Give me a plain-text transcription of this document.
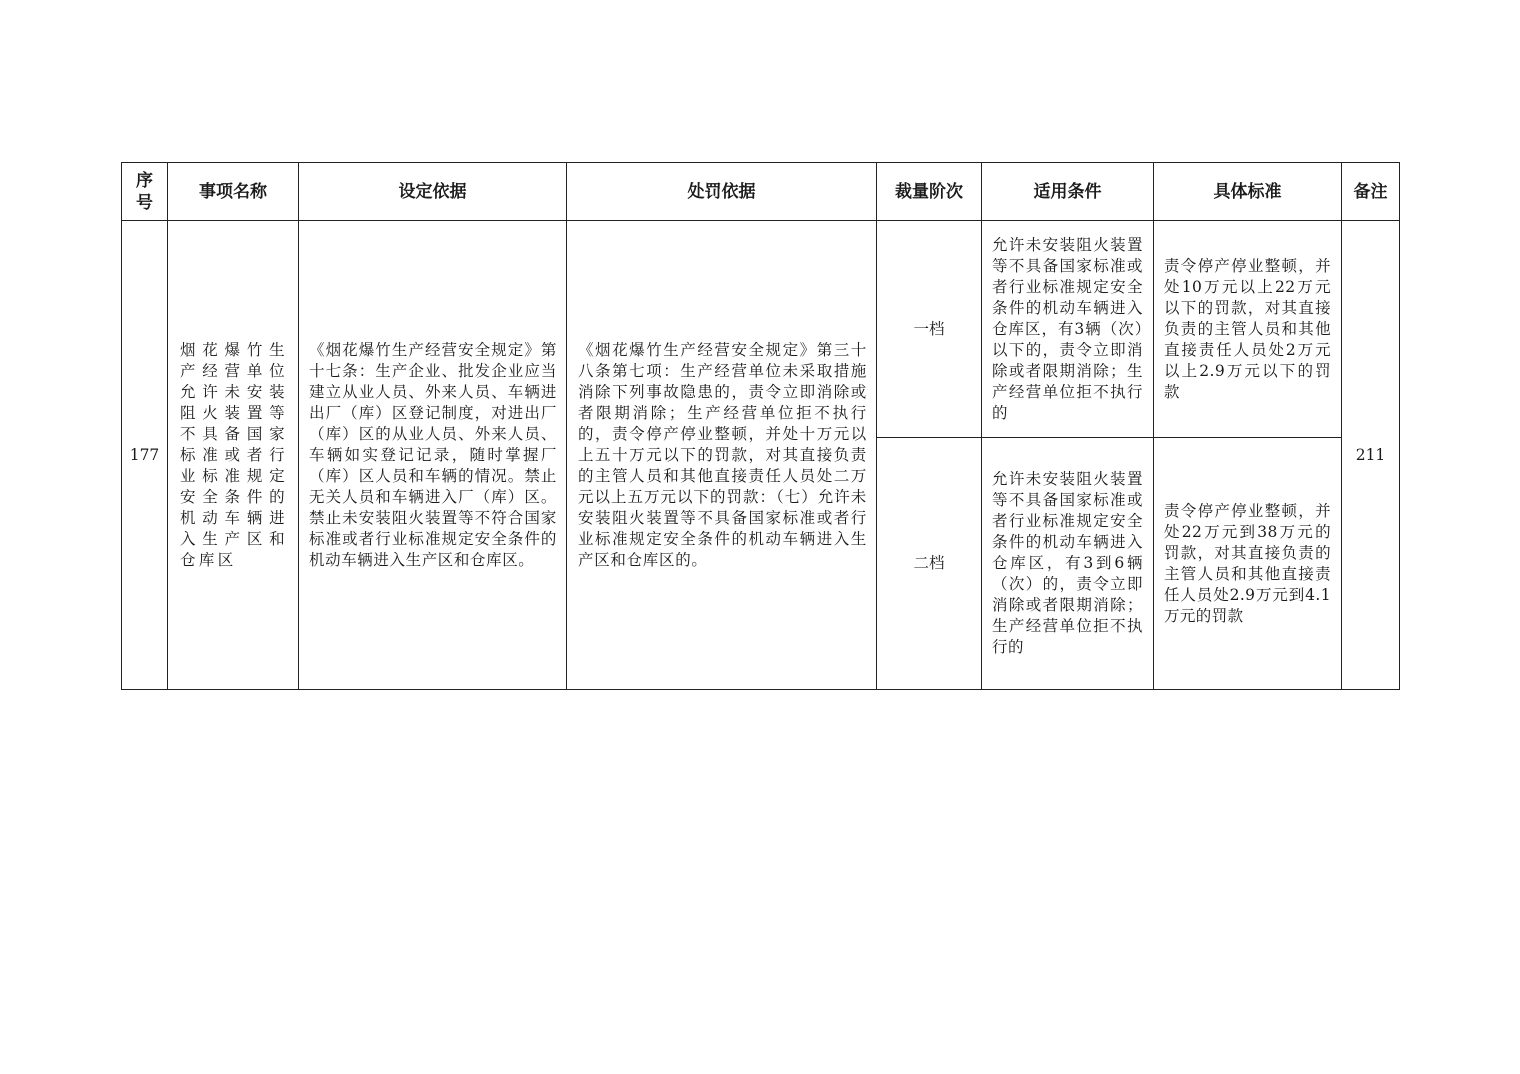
序
号	事项名称	设定依据	处罚依据	裁量阶次	适用条件	具体标准	备注
177	烟花爆竹生产经营单位允许未安装阻火装置等不具备国家标准或者行业标准规定安全条件的机动车辆进入生产区和仓库区	《烟花爆竹生产经营安全规定》第十七条：生产企业、批发企业应当建立从业人员、外来人员、车辆进出厂（库）区登记制度，对进出厂（库）区的从业人员、外来人员、车辆如实登记记录，随时掌握厂（库）区人员和车辆的情况。禁止无关人员和车辆进入厂（库）区。禁止未安装阻火装置等不符合国家标准或者行业标准规定安全条件的机动车辆进入生产区和仓库区。	《烟花爆竹生产经营安全规定》第三十八条第七项：生产经营单位未采取措施消除下列事故隐患的，责令立即消除或者限期消除；生产经营单位拒不执行的，责令停产停业整顿，并处十万元以上五十万元以下的罚款，对其直接负责的主管人员和其他直接责任人员处二万元以上五万元以下的罚款：（七）允许未安装阻火装置等不具备国家标准或者行业标准规定安全条件的机动车辆进入生产区和仓库区的。	一档	允许未安装阻火装置等不具备国家标准或者行业标准规定安全条件的机动车辆进入仓库区，有3辆（次）以下的，责令立即消除或者限期消除；生产经营单位拒不执行的	责令停产停业整顿，并处10万元以上22万元以下的罚款，对其直接负责的主管人员和其他直接责任人员处2万元以上2.9万元以下的罚款	211
				二档	允许未安装阻火装置等不具备国家标准或者行业标准规定安全条件的机动车辆进入仓库区，有3到6辆（次）的，责令立即消除或者限期消除；生产经营单位拒不执行的	责令停产停业整顿，并处22万元到38万元的罚款，对其直接负责的主管人员和其他直接责任人员处2.9万元到4.1万元的罚款	
